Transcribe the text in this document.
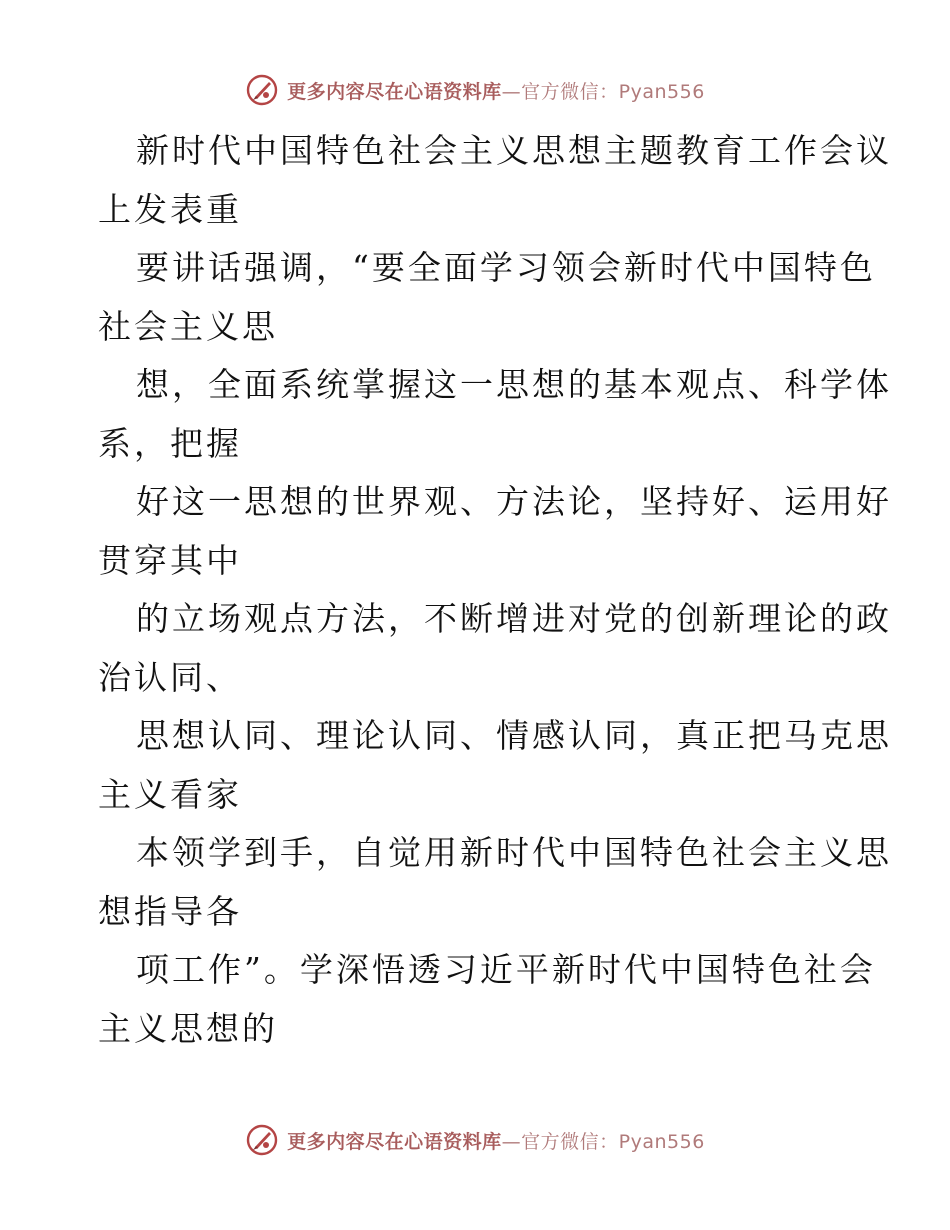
更多内容尽在心语资料库—官方微信：Pyan556

新时代中国特色社会主义思想主题教育工作会议
上发表重

要讲话强调，“要全面学习领会新时代中国特色
社会主义思

想，全面系统掌握这一思想的基本观点、科学体
系，把握

好这一思想的世界观、方法论，坚持好、运用好
贯穿其中

的立场观点方法，不断增进对党的创新理论的政
治认同、

思想认同、理论认同、情感认同，真正把马克思
主义看家

本领学到手，自觉用新时代中国特色社会主义思
想指导各

项工作”。学深悟透习近平新时代中国特色社会
主义思想的

更多内容尽在心语资料库—官方微信：Pyan556
